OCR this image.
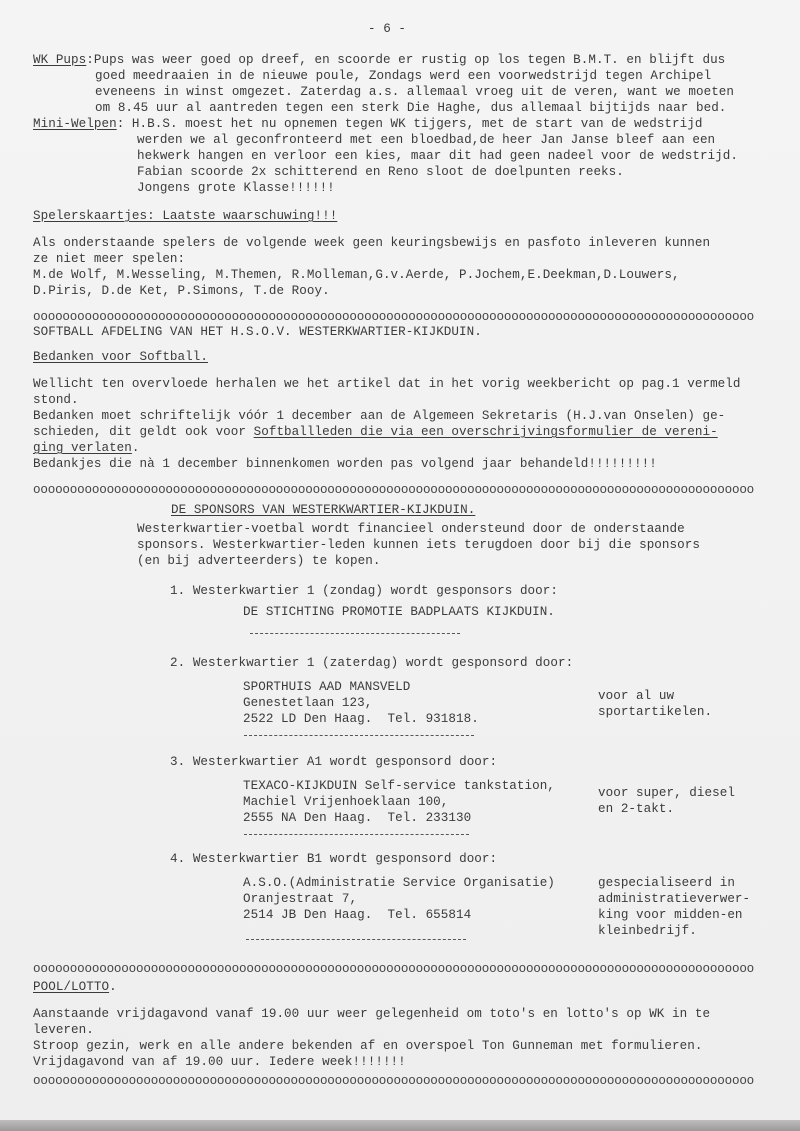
- 6 -
WK Pups:Pups was weer goed op dreef, en scoorde er rustig op los tegen B.M.T. en blijft dus
goed meedraaien in de nieuwe poule, Zondags werd een voorwedstrijd tegen Archipel
eveneens in winst omgezet. Zaterdag a.s. allemaal vroeg uit de veren, want we moeten
om 8.45 uur al aantreden tegen een sterk Die Haghe, dus allemaal bijtijds naar bed.
Mini-Welpen: H.B.S. moest het nu opnemen tegen WK tijgers, met de start van de wedstrijd
werden we al geconfronteerd met een bloedbad,de heer Jan Janse bleef aan een
hekwerk hangen en verloor een kies, maar dit had geen nadeel voor de wedstrijd.
Fabian scoorde 2x schitterend en Reno sloot de doelpunten reeks.
Jongens grote Klasse!!!!!!
Spelerskaartjes: Laatste waarschuwing!!!
Als onderstaande spelers de volgende week geen keuringsbewijs en pasfoto inleveren kunnen
ze niet meer spelen:
M.de Wolf, M.Wesseling, M.Themen, R.Molleman,G.v.Aerde, P.Jochem,E.Deekman,D.Louwers,
D.Piris, D.de Ket, P.Simons, T.de Rooy.
oooooooooooooooooooooooooooooooooooooooooooooooooooooooooooooooooooooooooooooooooooooooooooooooooo
SOFTBALL AFDELING VAN HET H.S.O.V. WESTERKWARTIER-KIJKDUIN.
Bedanken voor Softball.
Wellicht ten overvloede herhalen we het artikel dat in het vorig weekbericht op pag.1 vermeld
stond.
Bedanken moet schriftelijk vóór 1 december aan de Algemeen Sekretaris (H.J.van Onselen) ge-
schieden, dit geldt ook voor Softballleden die via een overschrijvingsformulier de vereni-
ging verlaten.
Bedankjes die nà 1 december binnenkomen worden pas volgend jaar behandeld!!!!!!!!!
oooooooooooooooooooooooooooooooooooooooooooooooooooooooooooooooooooooooooooooooooooooooooooooooooo
DE SPONSORS VAN WESTERKWARTIER-KIJKDUIN.
Westerkwartier-voetbal wordt financieel ondersteund door de onderstaande
sponsors. Westerkwartier-leden kunnen iets terugdoen door bij die sponsors
(en bij adverteerders) te kopen.
1. Westerkwartier 1 (zondag) wordt gesponsors door:
DE STICHTING PROMOTIE BADPLAATS KIJKDUIN.
2. Westerkwartier 1 (zaterdag) wordt gesponsord door:
SPORTHUIS AAD MANSVELD
Genestetlaan 123,
2522 LD Den Haag.  Tel. 931818.
voor al uw
sportartikelen.
3. Westerkwartier A1 wordt gesponsord door:
TEXACO-KIJKDUIN Self-service tankstation,
Machiel Vrijenhoeklaan 100,
2555 NA Den Haag.  Tel. 233130
voor super, diesel
en 2-takt.
4. Westerkwartier B1 wordt gesponsord door:
A.S.O.(Administratie Service Organisatie)
Oranjestraat 7,
2514 JB Den Haag.  Tel. 655814
gespecialiseerd in
administratieverwer-
king voor midden-en
kleinbedrijf.
oooooooooooooooooooooooooooooooooooooooooooooooooooooooooooooooooooooooooooooooooooooooooooooooooo
POOL/LOTTO.
Aanstaande vrijdagavond vanaf 19.00 uur weer gelegenheid om toto's en lotto's op WK in te
leveren.
Stroop gezin, werk en alle andere bekenden af en overspoel Ton Gunneman met formulieren.
Vrijdagavond van af 19.00 uur. Iedere week!!!!!!!
oooooooooooooooooooooooooooooooooooooooooooooooooooooooooooooooooooooooooooooooooooooooooooooooooo
